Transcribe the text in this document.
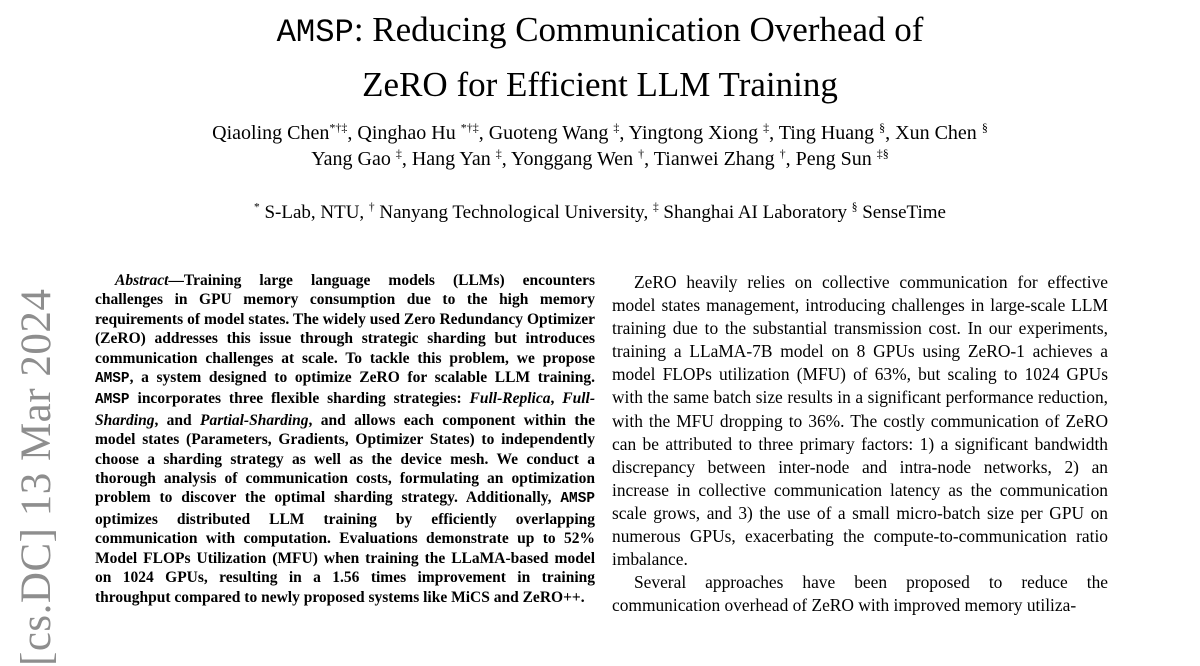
[cs.DC] 13 Mar 2024
AMSP: Reducing Communication Overhead of
ZeRO for Efficient LLM Training
Qiaoling Chen*†‡, Qinghao Hu *†‡, Guoteng Wang ‡, Yingtong Xiong ‡, Ting Huang §, Xun Chen §
Yang Gao ‡, Hang Yan ‡, Yonggang Wen †, Tianwei Zhang †, Peng Sun ‡§
* S-Lab, NTU, † Nanyang Technological University, ‡ Shanghai AI Laboratory § SenseTime

Abstract—Training large language models (LLMs) encounters challenges in GPU memory consumption due to the high memory requirements of model states. The widely used Zero Redundancy Optimizer (ZeRO) addresses this issue through strategic sharding but introduces communication challenges at scale. To tackle this problem, we propose AMSP, a system designed to optimize ZeRO for scalable LLM training. AMSP incorporates three flexible sharding strategies: Full-Replica, Full-Sharding, and Partial-Sharding, and allows each component within the model states (Parameters, Gradients, Optimizer States) to independently choose a sharding strategy as well as the device mesh. We conduct a thorough analysis of communication costs, formulating an optimization problem to discover the optimal sharding strategy. Additionally, AMSP optimizes distributed LLM training by efficiently overlapping communication with computation. Evaluations demonstrate up to 52% Model FLOPs Utilization (MFU) when training the LLaMA-based model on 1024 GPUs, resulting in a 1.56 times improvement in training throughput compared to newly proposed systems like MiCS and ZeRO++.

ZeRO heavily relies on collective communication for effective model states management, introducing challenges in large-scale LLM training due to the substantial transmission cost. In our experiments, training a LLaMA-7B model on 8 GPUs using ZeRO-1 achieves a model FLOPs utilization (MFU) of 63%, but scaling to 1024 GPUs with the same batch size results in a significant performance reduction, with the MFU dropping to 36%. The costly communication of ZeRO can be attributed to three primary factors: 1) a significant bandwidth discrepancy between inter-node and intra-node networks, 2) an increase in collective communication latency as the communication scale grows, and 3) the use of a small micro-batch size per GPU on numerous GPUs, exacerbating the compute-to-communication ratio imbalance.

Several approaches have been proposed to reduce the communication overhead of ZeRO with improved memory utiliza-
